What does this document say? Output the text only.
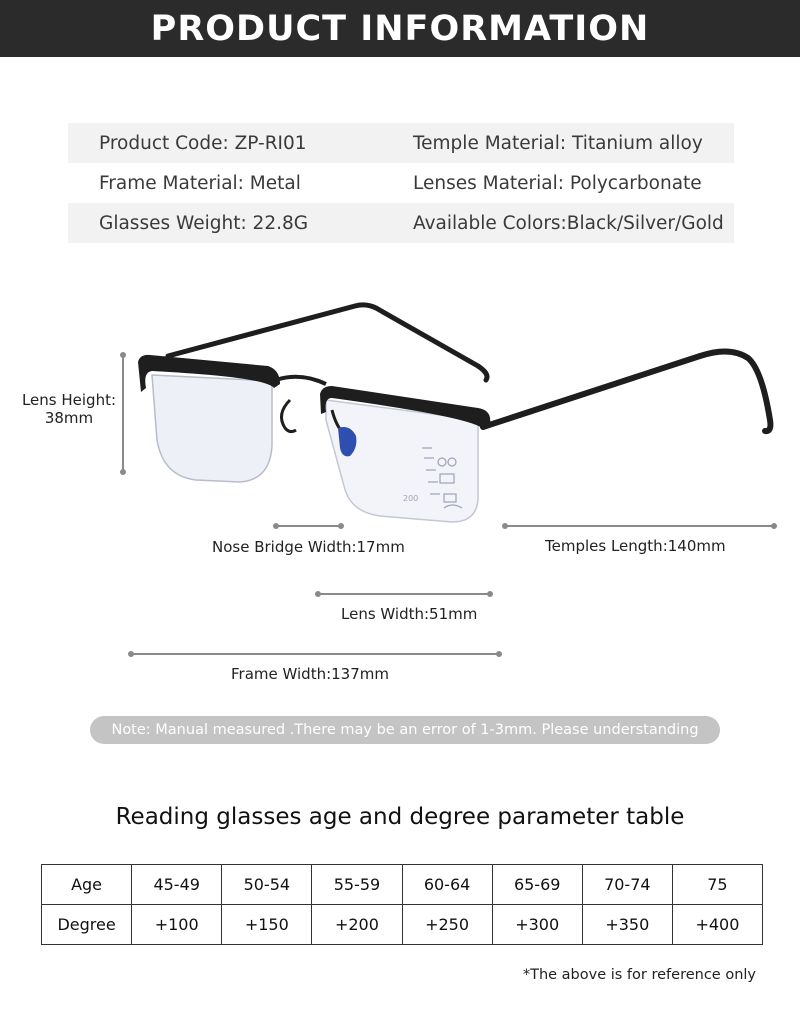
PRODUCT INFORMATION
Product Code: ZP-RI01	Temple Material: Titanium alloy
Frame Material: Metal	Lenses Material: Polycarbonate
Glasses Weight: 22.8G	Available Colors:Black/Silver/Gold
200
Lens Height:
38mm
Nose Bridge Width:17mm	Temples Length:140mm
Lens Width:51mm
Frame Width:137mm
Note: Manual measured .There may be an error of 1-3mm. Please understanding
Reading glasses age and degree parameter table
Age	45-49	50-54	55-59	60-64	65-69	70-74	75
Degree	+100	+150	+200	+250	+300	+350	+400
*The above is for reference only
